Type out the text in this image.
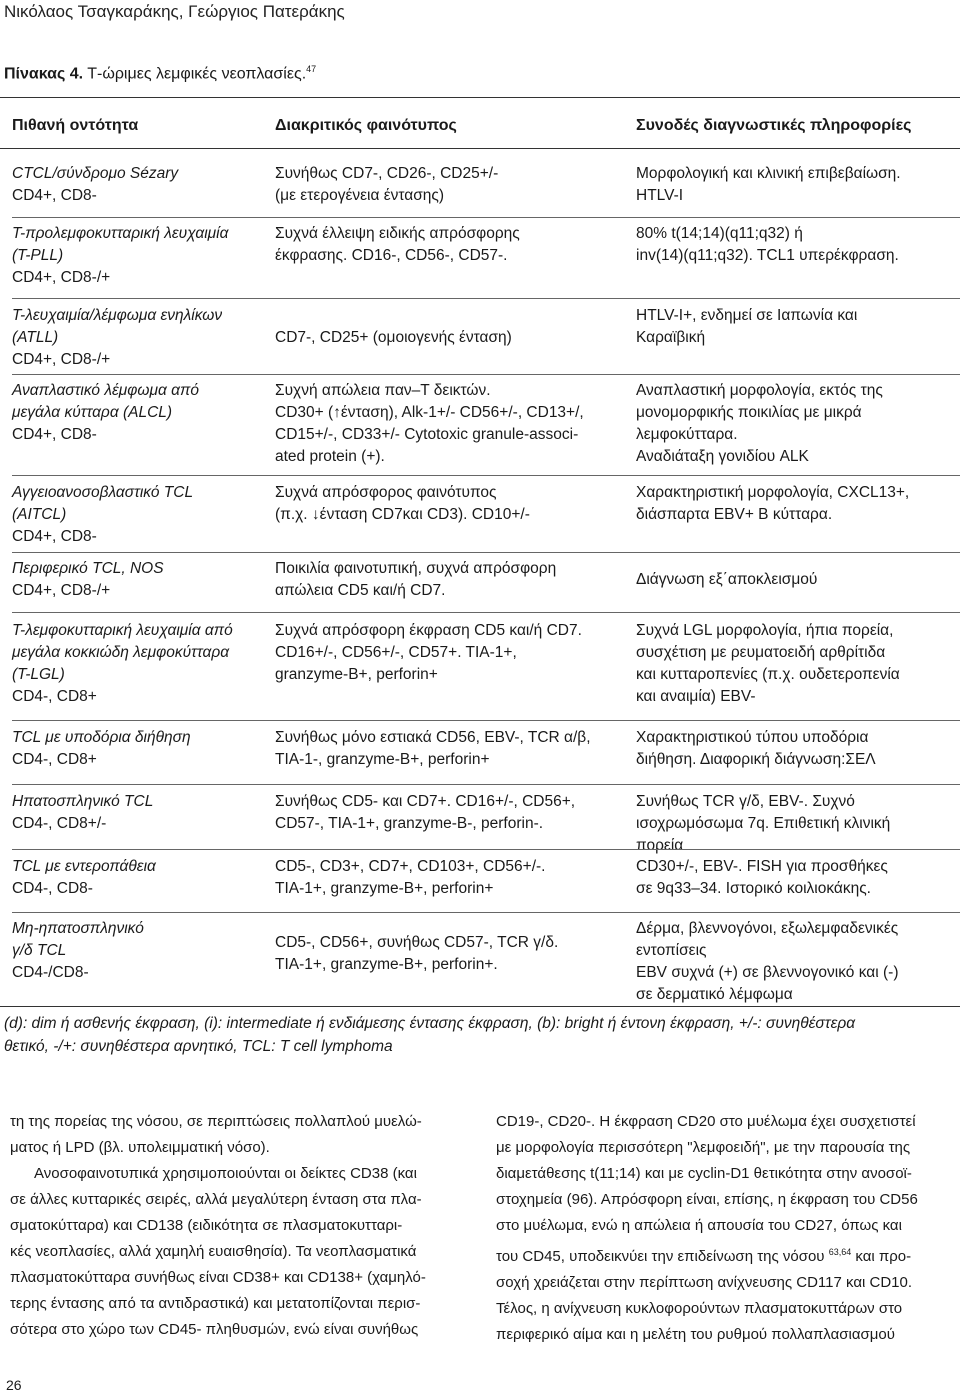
Νικόλαος Τσαγκαράκης, Γεώργιος Πατεράκης
Πίνακας 4. Τ-ώριμες λεμφικές νεοπλασίες.$^{47}$
Πιθανή οντότητα	Διακριτικός φαινότυπος	Συνοδές διαγνωστικές πληροφορίες
CTCL/σύνδρομο Sézary
CD4+, CD8-
Συνήθως CD7-, CD26-, CD25+/-
(με ετερογένεια έντασης)
Μορφολογική και κλινική επιβεβαίωση.
HTLV-I
Τ-προλεμφοκυτταρική λευχαιμία
(T-PLL)
CD4+, CD8-/+
Συχνά έλλειψη ειδικής απρόσφορης
έκφρασης. CD16-, CD56-, CD57-.
80% t(14;14)(q11;q32) ή
inv(14)(q11;q32). TCL1 υπερέκφραση.
Τ-λευχαιμία/λέμφωμα ενηλίκων
(ATLL)
CD4+, CD8-/+
CD7-, CD25+ (ομοιογενής ένταση)
HTLV-I+, ενδημεί σε Ιαπωνία και
Καραϊβική
Αναπλαστικό λέμφωμα από
μεγάλα κύτταρα (ALCL)
CD4+, CD8-
Συχνή απώλεια παν–Τ δεικτών.
CD30+ (↑ένταση), Alk-1+/- CD56+/-, CD13+/,
CD15+/-, CD33+/- Cytotoxic granule-associ-
ated protein (+).
Αναπλαστική μορφολογία, εκτός της
μονομορφικής ποικιλίας με μικρά
λεμφοκύτταρα.
Αναδιάταξη γονιδίου ALK
Αγγειοανοσοβλαστικό TCL
(AITCL)
CD4+, CD8-
Συχνά απρόσφορος φαινότυπος
(π.χ. ↓ένταση CD7και CD3). CD10+/-
Χαρακτηριστική μορφολογία, CXCL13+,
διάσπαρτα EBV+ B κύτταρα.
Περιφερικό TCL, NOS
CD4+, CD8-/+
Ποικιλία φαινοτυπική, συχνά απρόσφορη
απώλεια CD5 και/ή CD7.
Διάγνωση εξ΄αποκλεισμού
Τ-λεμφοκυτταρική λευχαιμία από
μεγάλα κοκκιώδη λεμφοκύτταρα
(T-LGL)
CD4-, CD8+
Συχνά απρόσφορη έκφραση CD5 και/ή CD7.
CD16+/-, CD56+/-, CD57+. TIA-1+,
granzyme-B+, perforin+
Συχνά LGL μορφολογία, ήπια πορεία,
συσχέτιση με ρευματοειδή αρθρίτιδα
και κυτταροπενίες (π.χ. ουδετεροπενία
και αναιμία) EBV-
TCL με υποδόρια διήθηση
CD4-, CD8+
Συνήθως μόνο εστιακά CD56, EBV-, TCR α/β,
TIA-1-, granzyme-B+, perforin+
Χαρακτηριστικού τύπου υποδόρια
διήθηση. Διαφορική διάγνωση:ΣΕΛ
Ηπατοσπληνικό TCL
CD4-, CD8+/-
Συνήθως CD5- και CD7+. CD16+/-, CD56+,
CD57-, TIA-1+, granzyme-B-, perforin-.
Συνήθως TCR γ/δ, EBV-. Συχνό
ισοχρωμόσωμα 7q. Επιθετική κλινική
πορεία
TCL με εντεροπάθεια
CD4-, CD8-
CD5-, CD3+, CD7+, CD103+, CD56+/-.
TIA-1+, granzyme-B+, perforin+
CD30+/-, EBV-. FISH για προσθήκες
σε 9q33–34. Ιστορικό κοιλιοκάκης.
Μη-ηπατοσπληνικό
γ/δ TCL
CD4-/CD8-
CD5-, CD56+, συνήθως CD57-, TCR γ/δ.
TIA-1+, granzyme-B+, perforin+.
Δέρμα, βλεννογόνοι, εξωλεμφαδενικές
εντοπίσεις
EBV συχνά (+) σε βλεννογονικό και (-)
σε δερματικό λέμφωμα
(d): dim ή ασθενής έκφραση, (i): intermediate ή ενδιάμεσης έντασης έκφραση, (b): bright ή έντονη έκφραση, +/-: συνηθέστερα
θετικό, -/+: συνηθέστερα αρνητικό, TCL: T cell lymphoma
τη της πορείας της νόσου, σε περιπτώσεις πολλαπλού μυελώ-
ματος ή LPD (βλ. υπολειμματική νόσο).
Ανοσοφαινοτυπικά χρησιμοποιούνται οι δείκτες CD38 (και
σε άλλες κυτταρικές σειρές, αλλά μεγαλύτερη ένταση στα πλα-
σματοκύτταρα) και CD138 (ειδικότητα σε πλασματοκυτταρι-
κές νεοπλασίες, αλλά χαμηλή ευαισθησία). Τα νεοπλασματικά
πλασματοκύτταρα συνήθως είναι CD38+ και CD138+ (χαμηλό-
τερης έντασης από τα αντιδραστικά) και μετατοπίζονται περισ-
σότερα στο χώρο των CD45- πληθυσμών, ενώ είναι συνήθως
CD19-, CD20-. Η έκφραση CD20 στο μυέλωμα έχει συσχετιστεί
με μορφολογία περισσότερη "λεμφοειδή", με την παρουσία της
διαμετάθεσης t(11;14) και με cyclin-D1 θετικότητα στην ανοσοϊ-
στοχημεία (96). Απρόσφορη είναι, επίσης, η έκφραση του CD56
στο μυέλωμα, ενώ η απώλεια ή απουσία του CD27, όπως και
του CD45, υποδεικνύει την επιδείνωση της νόσου $^{63,64}$ και προ-
σοχή χρειάζεται στην περίπτωση ανίχνευσης CD117 και CD10.
Τέλος, η ανίχνευση κυκλοφορούντων πλασματοκυττάρων στο
περιφερικό αίμα και η μελέτη του ρυθμού πολλαπλασιασμού
26
